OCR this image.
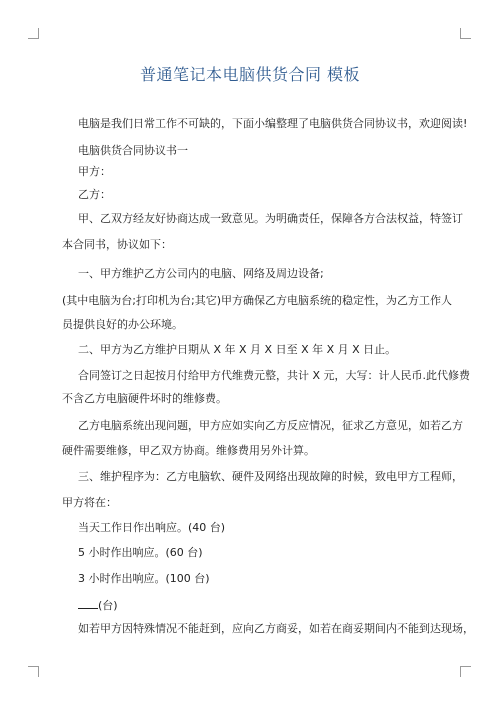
普通笔记本电脑供货合同 模板
电脑是我们日常工作不可缺的，下面小编整理了电脑供货合同协议书，欢迎阅读!
电脑供货合同协议书一
甲方：
乙方：
甲、乙双方经友好协商达成一致意见。为明确责任，保障各方合法权益，特签订
本合同书，协议如下：
一、甲方维护乙方公司内的电脑、网络及周边设备;
(其中电脑为台;打印机为台;其它)甲方确保乙方电脑系统的稳定性，为乙方工作人
员提供良好的办公环境。
二、甲方为乙方维护日期从 X 年 X 月 X 日至 X 年 X 月 X 日止。
合同签订之日起按月付给甲方代维费元整，共计 X 元，大写：计人民币.此代修费
不含乙方电脑硬件坏时的维修费。
乙方电脑系统出现问题，甲方应如实向乙方反应情况，征求乙方意见，如若乙方
硬件需要维修，甲乙双方协商。维修费用另外计算。
三、维护程序为：乙方电脑软、硬件及网络出现故障的时候，致电甲方工程师，
甲方将在：
当天工作日作出响应。(40 台)
5 小时作出响应。(60 台)
3 小时作出响应。(100 台)
(台)
如若甲方因特殊情况不能赶到，应向乙方商妥，如若在商妥期间内不能到达现场，
